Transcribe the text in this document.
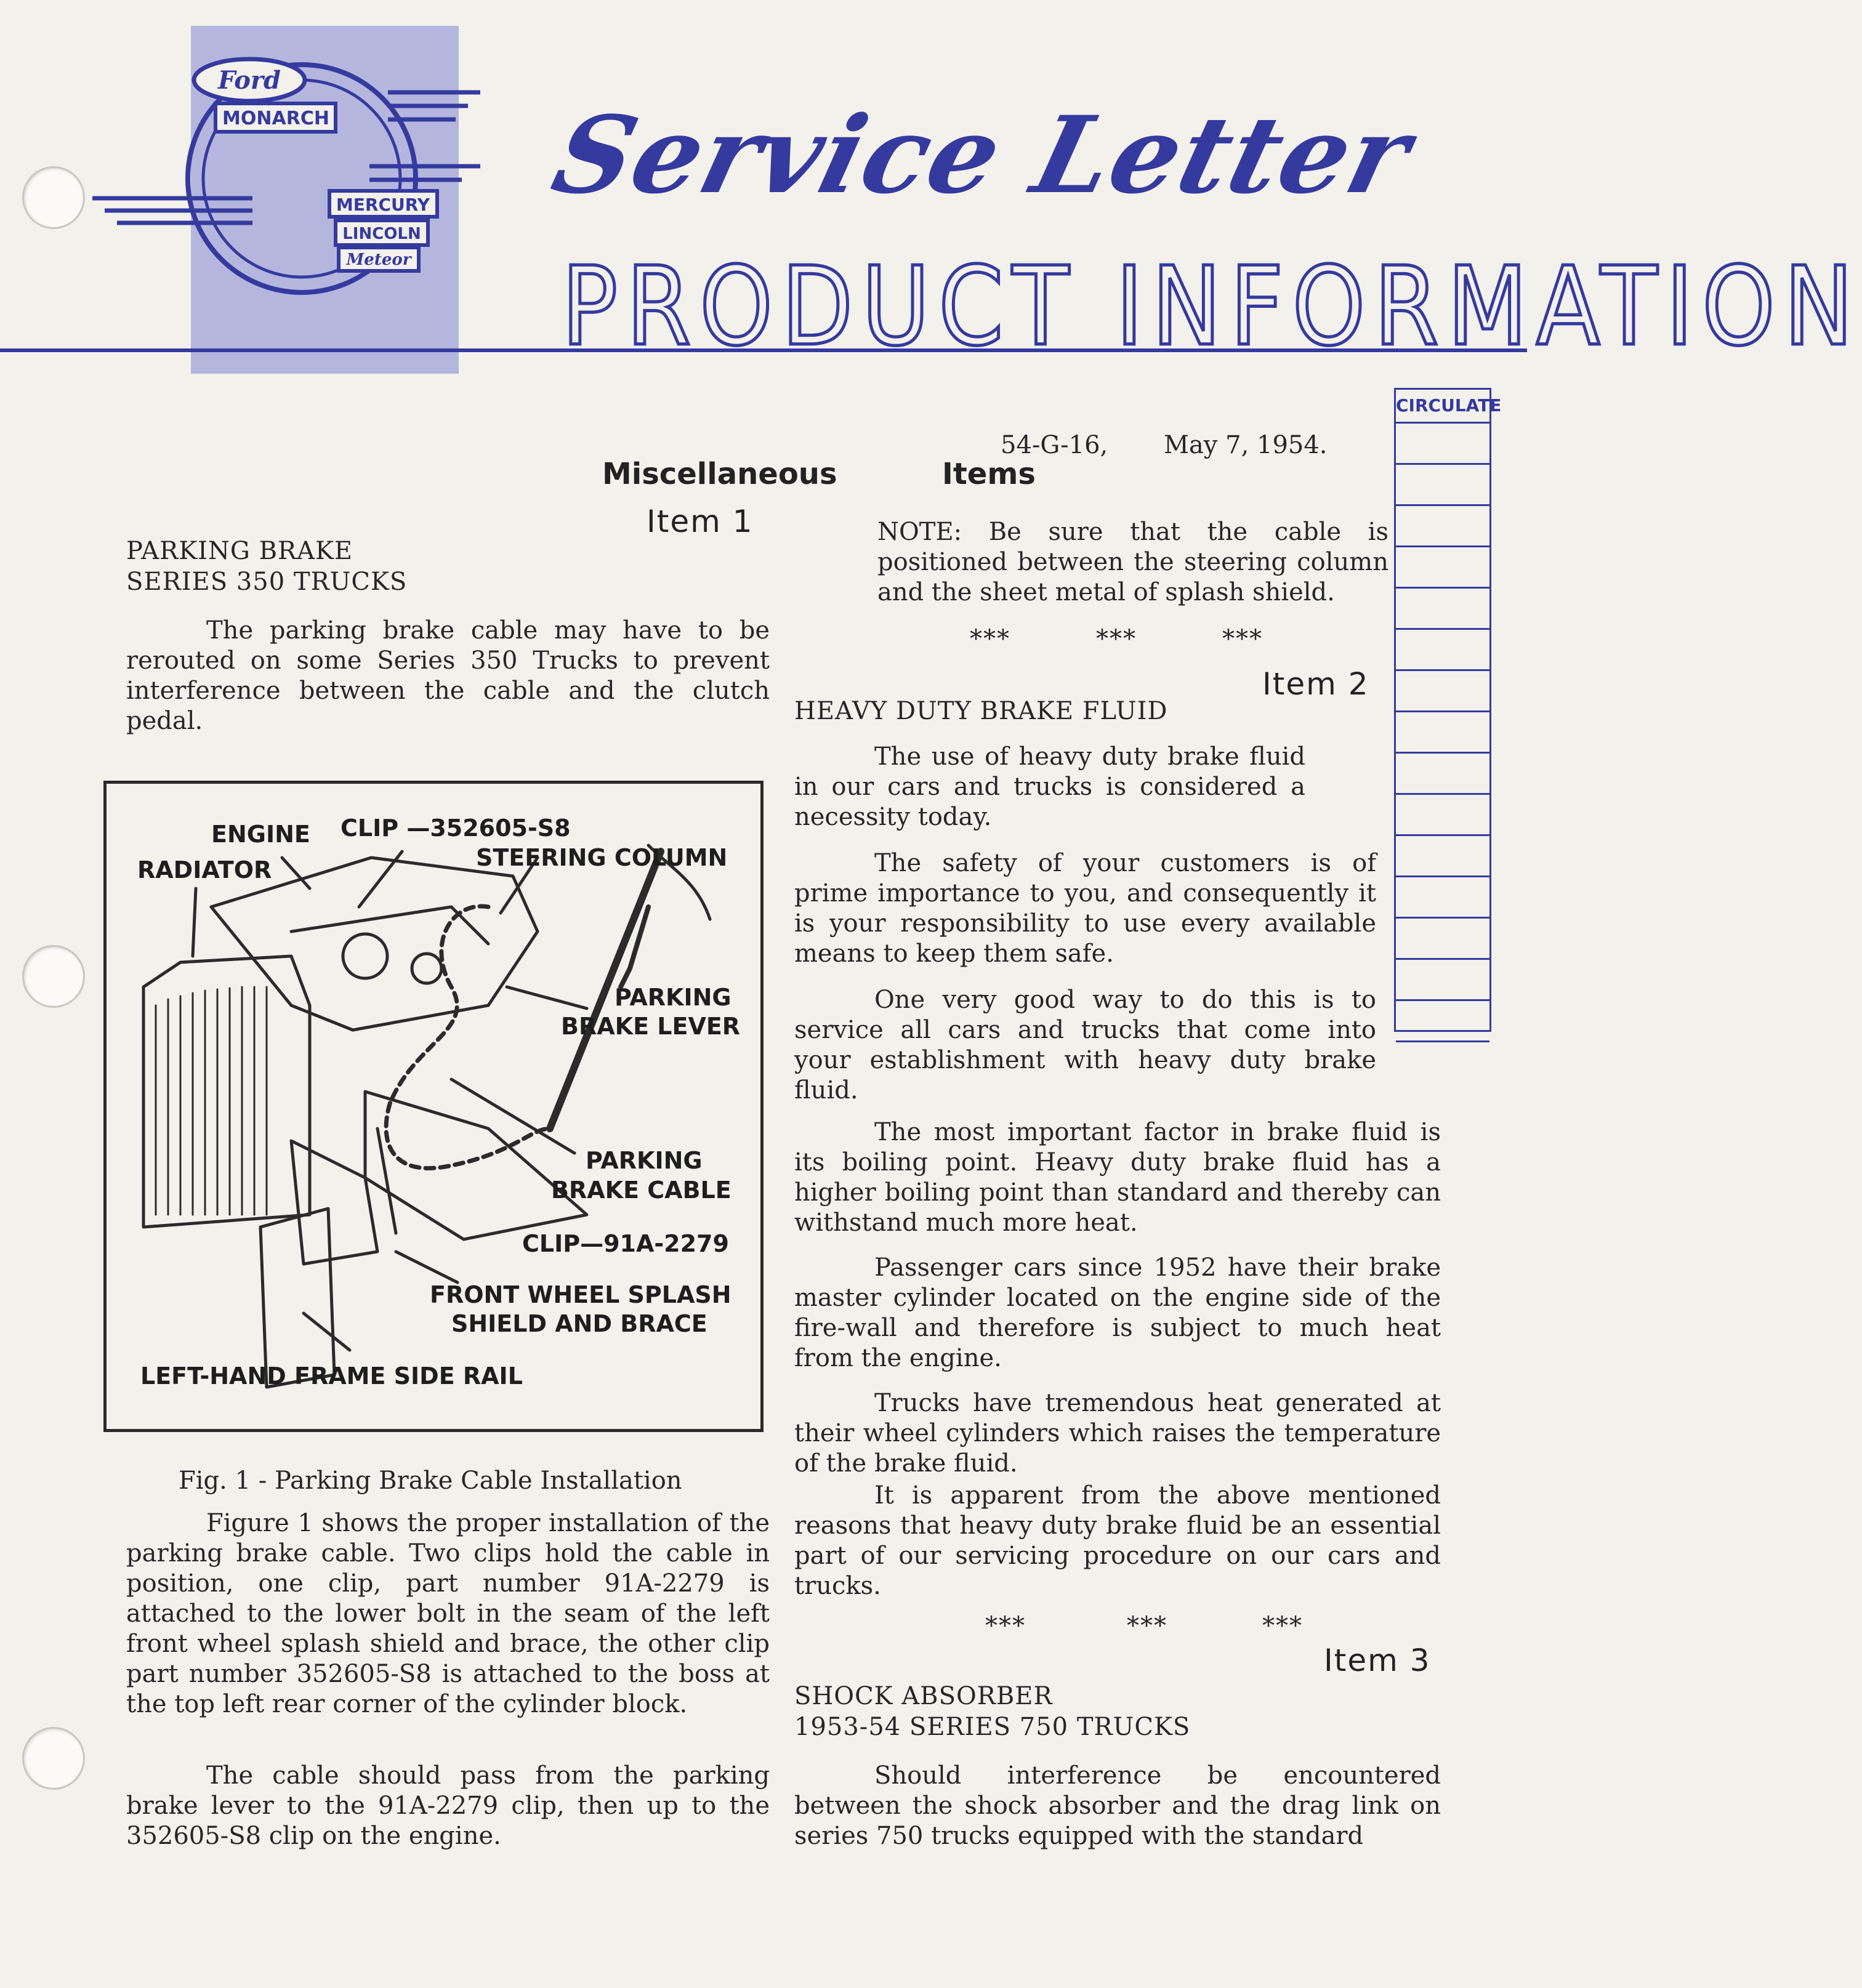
Ford
MONARCH
MERCURY
LINCOLN
Meteor
Service Letter
PRODUCT INFORMATION
CIRCULATE
54-G-16, May 7, 1954.
Miscellaneous	Items
Item 1
PARKING BRAKE
SERIES 350 TRUCKS

The parking brake cable may have to be rerouted on some Series 350 Trucks to prevent interference between the cable and the clutch pedal.

ENGINE CLIP —352605-S8
STEERING COLUMN
RADIATOR
PARKING
BRAKE LEVER
PARKING
BRAKE CABLE
CLIP—91A-2279
FRONT WHEEL SPLASH
SHIELD AND BRACE
LEFT-HAND FRAME SIDE RAIL
Fig. 1 - Parking Brake Cable Installation

Figure 1 shows the proper installation of the parking brake cable. Two clips hold the cable in position, one clip, part number 91A-2279 is attached to the lower bolt in the seam of the left front wheel splash shield and brace, the other clip part number 352605-S8 is attached to the boss at the top left rear corner of the cylinder block.

The cable should pass from the parking brake lever to the 91A-2279 clip, then up to the 352605-S8 clip on the engine.

NOTE: Be sure that the cable is positioned between the steering column and the sheet metal of splash shield.

***	***	***
Item 2
HEAVY DUTY BRAKE FLUID

The use of heavy duty brake fluid in our cars and trucks is considered a necessity today.

The safety of your customers is of prime importance to you, and consequently it is your responsibility to use every available means to keep them safe.

One very good way to do this is to service all cars and trucks that come into your establishment with heavy duty brake fluid.

The most important factor in brake fluid is its boiling point. Heavy duty brake fluid has a higher boiling point than standard and thereby can withstand much more heat.

Passenger cars since 1952 have their brake master cylinder located on the engine side of the fire-wall and therefore is subject to much heat from the engine.

Trucks have tremendous heat generated at their wheel cylinders which raises the temperature of the brake fluid.

It is apparent from the above mentioned reasons that heavy duty brake fluid be an essential part of our servicing procedure on our cars and trucks.

***	***	***
Item 3
SHOCK ABSORBER
1953-54 SERIES 750 TRUCKS

Should interference be encountered between the shock absorber and the drag link on series 750 trucks equipped with the standard
